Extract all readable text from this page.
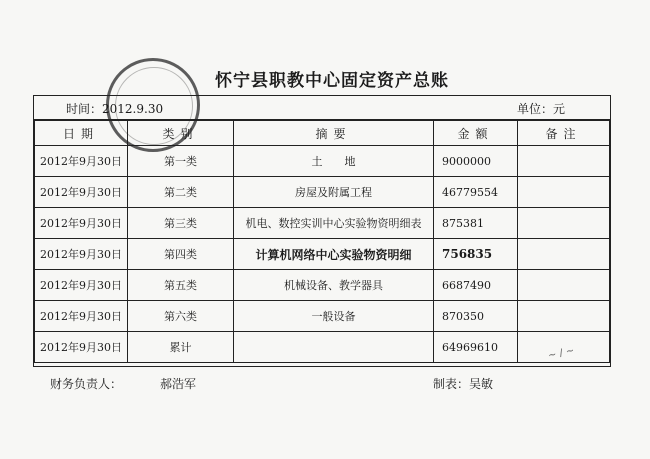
怀宁县职教中心固定资产总账
时间：2012.9.30	单位：元
日期	类别	摘要	金额	备注
2012年9月30日	第一类	土　　地	9000000	
2012年9月30日	第二类	房屋及附属工程	46779554	
2012年9月30日	第三类	机电、数控实训中心实验物资明细表	875381	
2012年9月30日	第四类	计算机网络中心实验物资明细	756835	
2012年9月30日	第五类	机械设备、教学器具	6687490	
2012年9月30日	第六类	一般设备	870350	
2012年9月30日	累计		64969610		~ / ~
财务负责人：	郝浩军	制表：吴敏
